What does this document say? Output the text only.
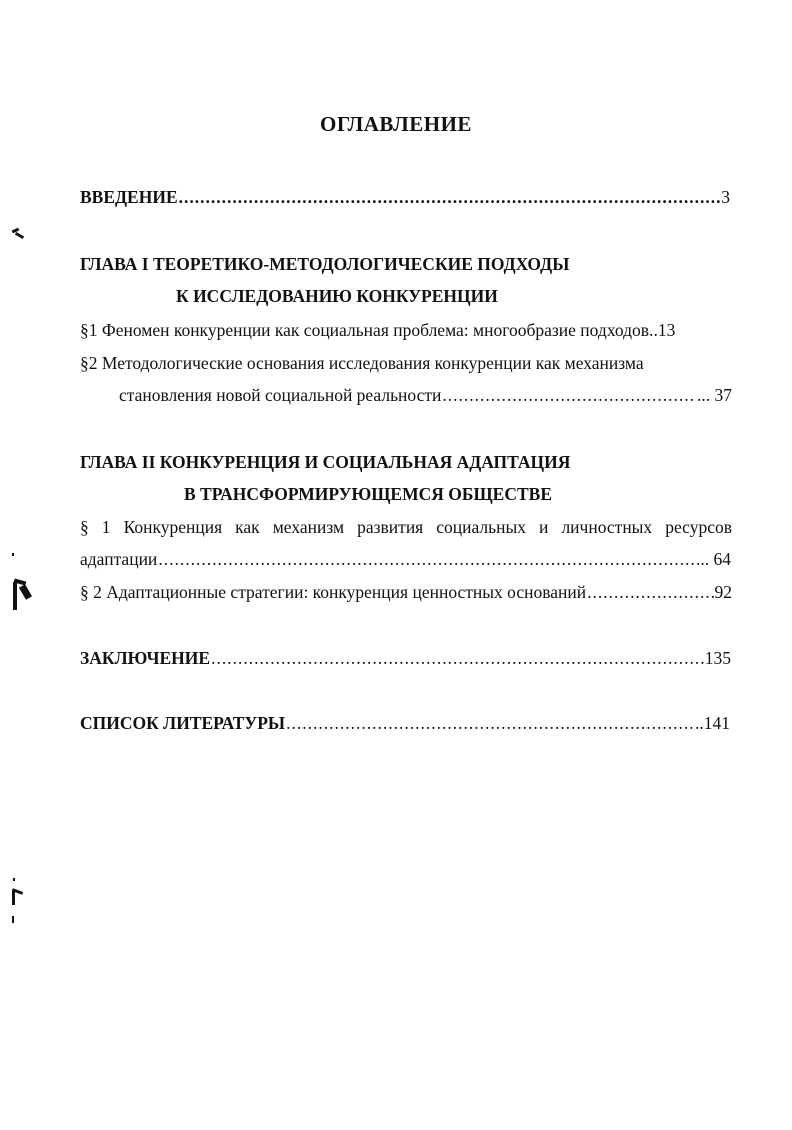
ОГЛАВЛЕНИЕ
ВВЕДЕНИЕ .....	3
ГЛАВА I ТЕОРЕТИКО-МЕТОДОЛОГИЧЕСКИЕ ПОДХОДЫ
К ИССЛЕДОВАНИЮ КОНКУРЕНЦИИ
§1 Феномен конкуренции как социальная проблема: многообразие подходов ..13
§2 Методологические основания исследования конкуренции как механизма
становления новой социальной реальности .....	... 37
ГЛАВА II КОНКУРЕНЦИЯ И СОЦИАЛЬНАЯ АДАПТАЦИЯ
В ТРАНСФОРМИРУЮЩЕМСЯ ОБЩЕСТВЕ
§ 1 Конкуренция как механизм развития социальных и личностных ресурсов
адаптации .....	... 64
§ 2 Адаптационные стратегии: конкуренция ценностных оснований .....	92
ЗАКЛЮЧЕНИЕ .....	135
СПИСОК ЛИТЕРАТУРЫ .....	..141
